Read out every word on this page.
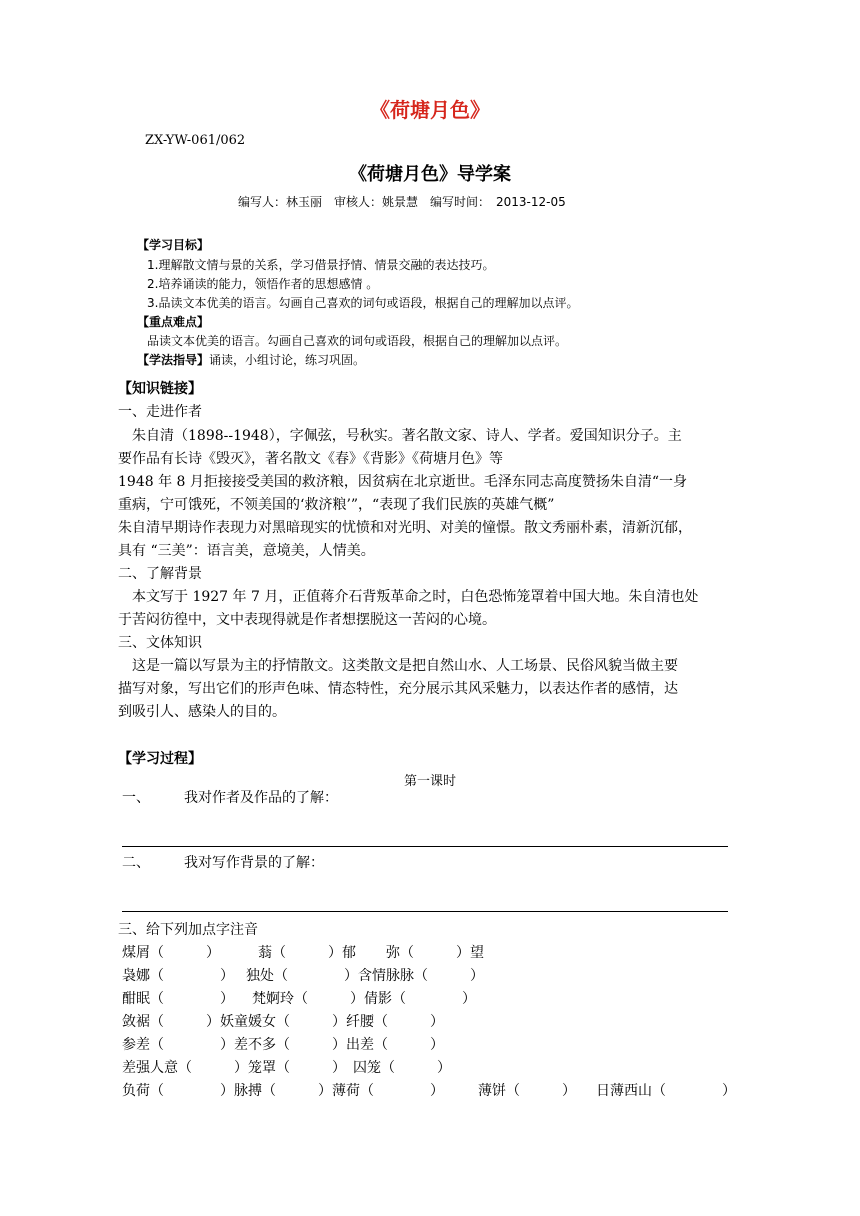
《荷塘月色》
ZX-YW-061/062
《荷塘月色》导学案
编写人：林玉丽　审核人：姚景慧　编写时间：　2013-12-05
【学习目标】
1.理解散文情与景的关系，学习借景抒情、情景交融的表达技巧。
2.培养诵读的能力，领悟作者的思想感情 。
3.品读文本优美的语言。勾画自己喜欢的词句或语段，根据自己的理解加以点评。
【重点难点】
品读文本优美的语言。勾画自己喜欢的词句或语段，根据自己的理解加以点评。
【学法指导】诵读，小组讨论，练习巩固。
【知识链接】
一、走进作者
　朱自清（1898--1948），字佩弦，号秋实。著名散文家、诗人、学者。爱国知识分子。主
要作品有长诗《毁灭》，著名散文《春》《背影》《荷塘月色》等
1948 年 8 月拒接接受美国的救济粮，因贫病在北京逝世。毛泽东同志高度赞扬朱自清“一身
重病，宁可饿死，不领美国的‘救济粮’”，“表现了我们民族的英雄气概”
朱自清早期诗作表现力对黑暗现实的忧愤和对光明、对美的憧憬。散文秀丽朴素，清新沉郁，
具有 “三美”：语言美，意境美，人情美。
二、了解背景
　本文写于 1927 年 7 月，正值蒋介石背叛革命之时，白色恐怖笼罩着中国大地。朱自清也处
于苦闷彷徨中，文中表现得就是作者想摆脱这一苦闷的心境。
三、文体知识
　这是一篇以写景为主的抒情散文。这类散文是把自然山水、人工场景、民俗风貌当做主要
描写对象，写出它们的形声色味、情态特性，充分展示其风采魅力，以表达作者的感情，达
到吸引人、感染人的目的。
【学习过程】
第一课时
一、 我对作者及作品的了解：
二、 我对写作背景的了解：
三、给下列加点字注音
煤屑（　　　）	蓊（　　　）郁 弥（　　　）望
袅娜（　　　　） 独处（　　　　）含情脉脉（　　　）
酣眠（　　　　） 梵婀玲（　　　）倩影（　　　　）
敛裾（　　　）妖童媛女（　　　）纤腰（　　　）
参差（　　　　）差不多（　　　）出差（　　　）
差强人意（　　　）笼罩（　　　）　囚笼（　　　）
负荷（　　　　）脉搏（　　　）薄荷（　　　　） 薄饼（　　　） 日薄西山（　　　　）
